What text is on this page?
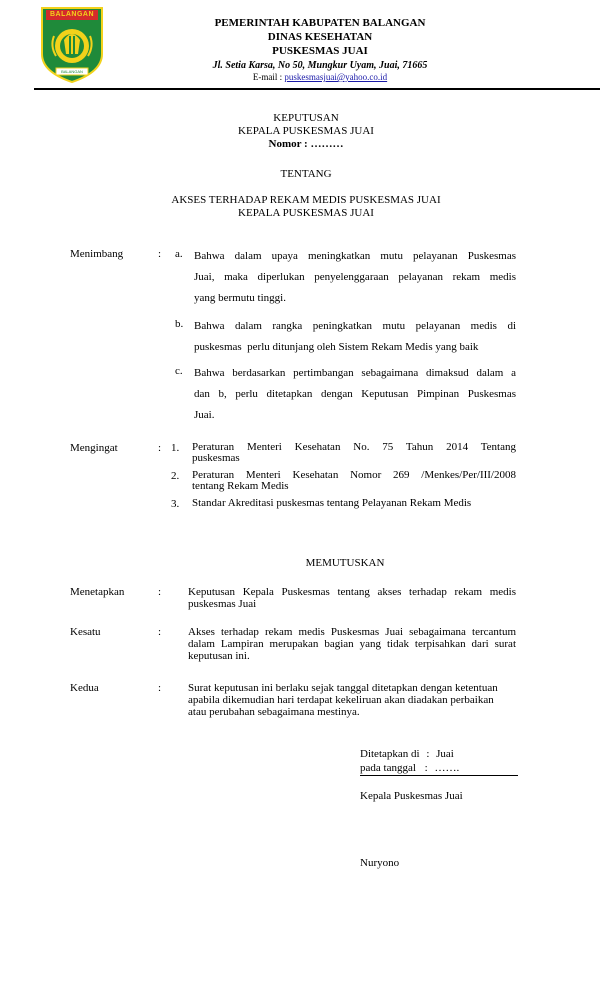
BALANGAN
BALANGAN
PEMERINTAH KABUPATEN BALANGAN
DINAS KESEHATAN
PUSKESMAS JUAI
Jl. Setia Karsa, No 50, Mungkur Uyam, Juai, 71665
E-mail : puskesmasjuai@yahoo.co.id
KEPUTUSAN
KEPALA PUSKESMAS JUAI
Nomor : ………
TENTANG
AKSES TERHADAP REKAM MEDIS PUSKESMAS JUAI
KEPALA PUSKESMAS JUAI
Menimbang	: a. Bahwa dalam upaya meningkatkan mutu pelayanan Puskesmas

Juai, maka diperlukan penyelenggaraan pelayanan rekam medis

yang bermutu tinggi.

b. Bahwa dalam rangka peningkatkan mutu pelayanan medis di

puskesmas  perlu ditunjang oleh Sistem Rekam Medis yang baik

c. Bahwa berdasarkan pertimbangan sebagaimana dimaksud dalam a

dan b, perlu ditetapkan dengan Keputusan Pimpinan Puskesmas

Juai.

Mengingat	: 1. Peraturan Menteri Kesehatan No. 75 Tahun 2014 Tentang

puskesmas

2. Peraturan Menteri Kesehatan Nomor 269 /Menkes/Per/III/2008

tentang Rekam Medis

3. Standar Akreditasi puskesmas tentang Pelayanan Rekam Medis

MEMUTUSKAN
Menetapkan	: Keputusan Kepala Puskesmas tentang akses terhadap rekam medis

puskesmas Juai

Kesatu	: Akses terhadap rekam medis Puskesmas Juai sebagaimana tercantum

dalam Lampiran merupakan bagian yang tidak terpisahkan dari surat

keputusan ini.

Kedua	: Surat keputusan ini berlaku sejak tanggal ditetapkan dengan ketentuan

apabila dikemudian hari terdapat kekeliruan akan diadakan perbaikan

atau perubahan sebagaimana mestinya.

Ditetapkan di : Juai
pada tanggal : …….
Kepala Puskesmas Juai
Nuryono
